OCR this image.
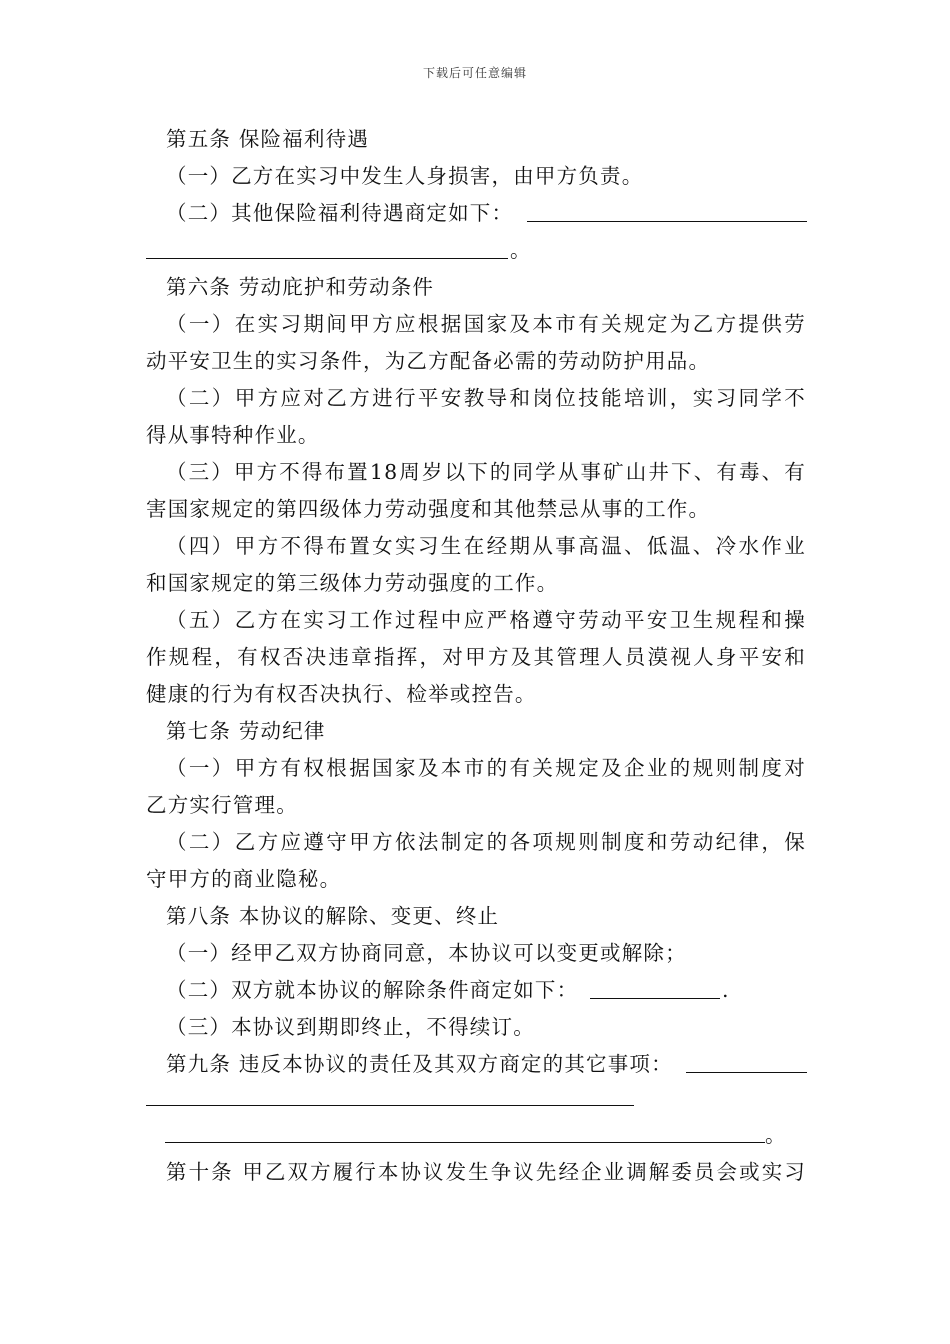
下载后可任意编辑
第五条 保险福利待遇
（一）乙方在实习中发生人身损害，由甲方负责。
（二）其他保险福利待遇商定如下：
。
第六条 劳动庇护和劳动条件
（一）在实习期间甲方应根据国家及本市有关规定为乙方提供劳
动平安卫生的实习条件，为乙方配备必需的劳动防护用品。
（二）甲方应对乙方进行平安教导和岗位技能培训，实习同学不
得从事特种作业。
（三）甲方不得布置18周岁以下的同学从事矿山井下、有毒、有
害国家规定的第四级体力劳动强度和其他禁忌从事的工作。
（四）甲方不得布置女实习生在经期从事高温、低温、冷水作业
和国家规定的第三级体力劳动强度的工作。
（五）乙方在实习工作过程中应严格遵守劳动平安卫生规程和操
作规程，有权否决违章指挥，对甲方及其管理人员漠视人身平安和
健康的行为有权否决执行、检举或控告。
第七条 劳动纪律
（一）甲方有权根据国家及本市的有关规定及企业的规则制度对
乙方实行管理。
（二）乙方应遵守甲方依法制定的各项规则制度和劳动纪律，保
守甲方的商业隐秘。
第八条 本协议的解除、变更、终止
（一）经甲乙双方协商同意，本协议可以变更或解除；
（二）双方就本协议的解除条件商定如下：	.
（三）本协议到期即终止，不得续订。
第九条 违反本协议的责任及其双方商定的其它事项：
。
第十条 甲乙双方履行本协议发生争议先经企业调解委员会或实习
